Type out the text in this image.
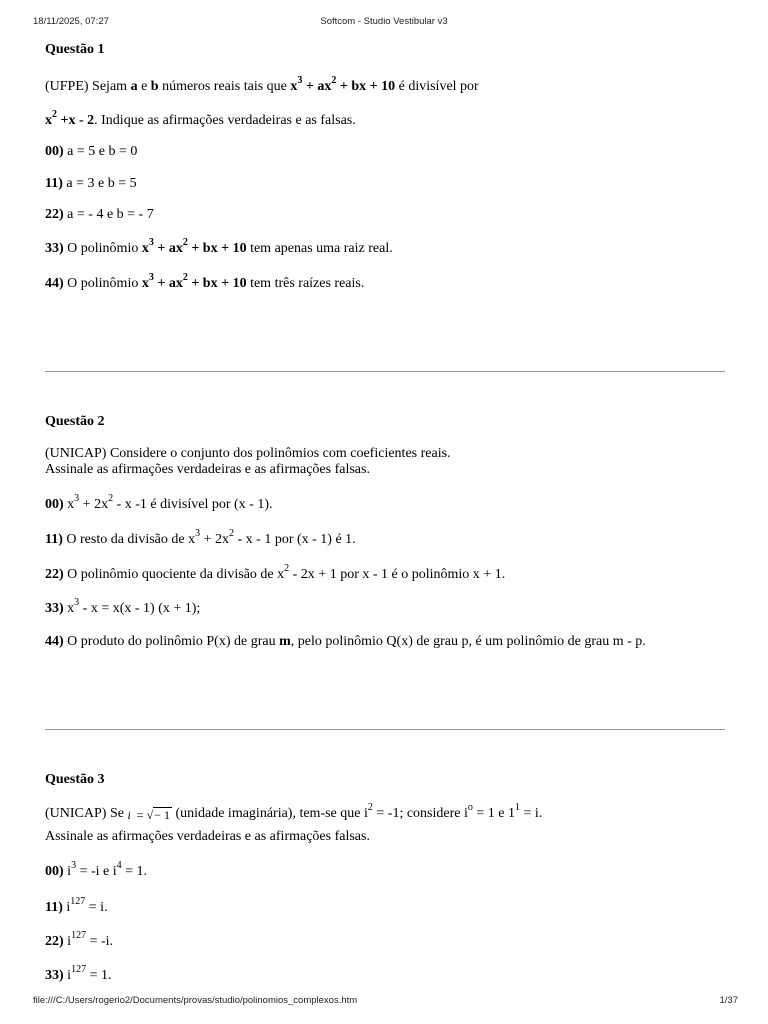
18/11/2025, 07:27	Softcom - Studio Vestibular v3
Questão 1
(UFPE) Sejam a e b números reais tais que $x^3 + ax^2$ + bx + 10 é divisível por
$x^2 +x - 2$. Indique as afirmações verdadeiras e as falsas.
00) a = 5 e b = 0
11) a = 3 e b = 5
22) a = - 4 e b = - 7
33) O polinômio $x^3 + ax^2$ + bx + 10 tem apenas uma raiz real.
44) O polinômio $x^3 + ax^2$ + bx + 10 tem três raízes reais.
Questão 2
(UNICAP) Considere o conjunto dos polinômios com coeficientes reais.
Assinale as afirmações verdadeiras e as afirmações falsas.
00) $x^3 + 2x^2 - x$ -1 é divisível por (x - 1).
11) O resto da divisão de $x^3 + 2x^2 - x - 1$ por (x - 1) é 1.
22) O polinômio quociente da divisão de $x^2 - 2x + 1$ por x - 1 é o polinômio x + 1.
33) $x^3 - x = x(x - 1) (x + 1)$;
44) O produto do polinômio P(x) de grau m, pelo polinômio Q(x) de grau p, é um polinômio de grau m - p.
Questão 3
(UNICAP) Se i = √− 1 (unidade imaginária), tem-se que $i^2 = -1$; considere $i^o = 1$ e $1^1 = i$.
Assinale as afirmações verdadeiras e as afirmações falsas.
00) $i^3 = -i$ e $i^4 = 1$.
11) $i^{127} = i$.
22) $i^{127} = -i$.
33) $i^{127} = 1$.
file:///C:/Users/rogerio2/Documents/provas/studio/polinomios_complexos.htm	1/37
